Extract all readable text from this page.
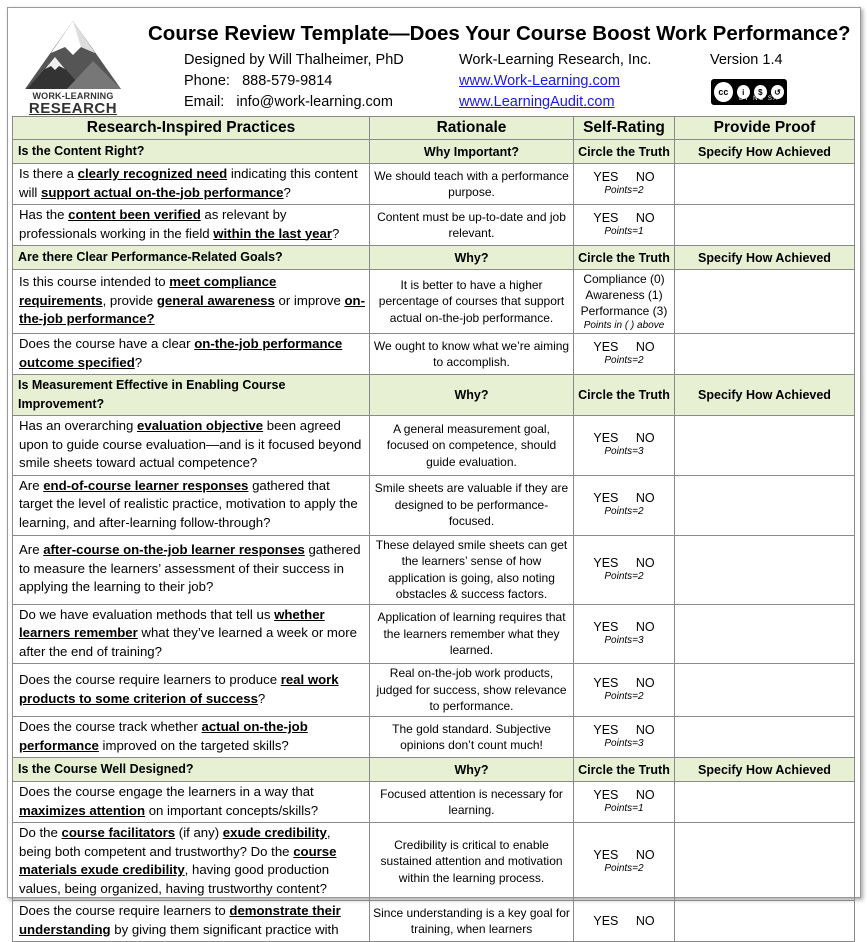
WORK-LEARNING
RESEARCH
Course Review Template—Does Your Course Boost Work Performance?
Designed by Will Thalheimer, PhD
Phone: 888-579-9814
Email: info@work-learning.com
Work-Learning Research, Inc.
www.Work-Learning.com
www.LearningAudit.com
Version 1.4
cc	i	$	↺
BY NC SA
Research-Inspired Practices	Rationale	Self-Rating	Provide Proof
Is the Content Right?	Why Important?	Circle the Truth	Specify How Achieved
Is there a clearly recognized need indicating this content will support actual on-the-job performance?	We should teach with a performance purpose.	YES NO
Points=2	

Has the content been verified as relevant by professionals working in the field within the last year?	Content must be up-to-date and job relevant.	YES NO
Points=1	

Are there Clear Performance-Related Goals?	Why?	Circle the Truth	Specify How Achieved
Is this course intended to meet compliance requirements, provide general awareness or improve on-the-job performance?	It is better to have a higher percentage of courses that support actual on-the-job performance.	Compliance (0)
Awareness (1)
Performance (3)
Points in ( ) above	

Does the course have a clear on-the-job performance outcome specified?	We ought to know what we’re aiming to accomplish.	YES NO
Points=2	

Is Measurement Effective in Enabling Course Improvement?	Why?	Circle the Truth	Specify How Achieved
Has an overarching evaluation objective been agreed upon to guide course evaluation—and is it focused beyond smile sheets toward actual competence?	A general measurement goal, focused on competence, should guide evaluation.	YES NO
Points=3	

Are end-of-course learner responses gathered that target the level of realistic practice, motivation to apply the learning, and after-learning follow-through?	Smile sheets are valuable if they are designed to be performance-focused.	YES NO
Points=2	

Are after-course on-the-job learner responses gathered to measure the learners’ assessment of their success in applying the learning to their job?	These delayed smile sheets can get the learners’ sense of how application is going, also noting obstacles & success factors.	YES NO
Points=2	

Do we have evaluation methods that tell us whether learners remember what they’ve learned a week or more after the end of training?	Application of learning requires that the learners remember what they learned.	YES NO
Points=3	

Does the course require learners to produce real work products to some criterion of success?	Real on-the-job work products, judged for success, show relevance to performance.	YES NO
Points=2	

Does the course track whether actual on-the-job performance improved on the targeted skills?	The gold standard. Subjective opinions don’t count much!	YES NO
Points=3	

Is the Course Well Designed?	Why?	Circle the Truth	Specify How Achieved
Does the course engage the learners in a way that maximizes attention on important concepts/skills?	Focused attention is necessary for learning.	YES NO
Points=1	

Do the course facilitators (if any) exude credibility, being both competent and trustworthy? Do the course materials exude credibility, having good production values, being organized, having trustworthy content?	Credibility is critical to enable sustained attention and motivation within the learning process.	YES NO
Points=2	

Does the course require learners to demonstrate their understanding by giving them significant practice with	Since understanding is a key goal for training, when learners	YES NO	
